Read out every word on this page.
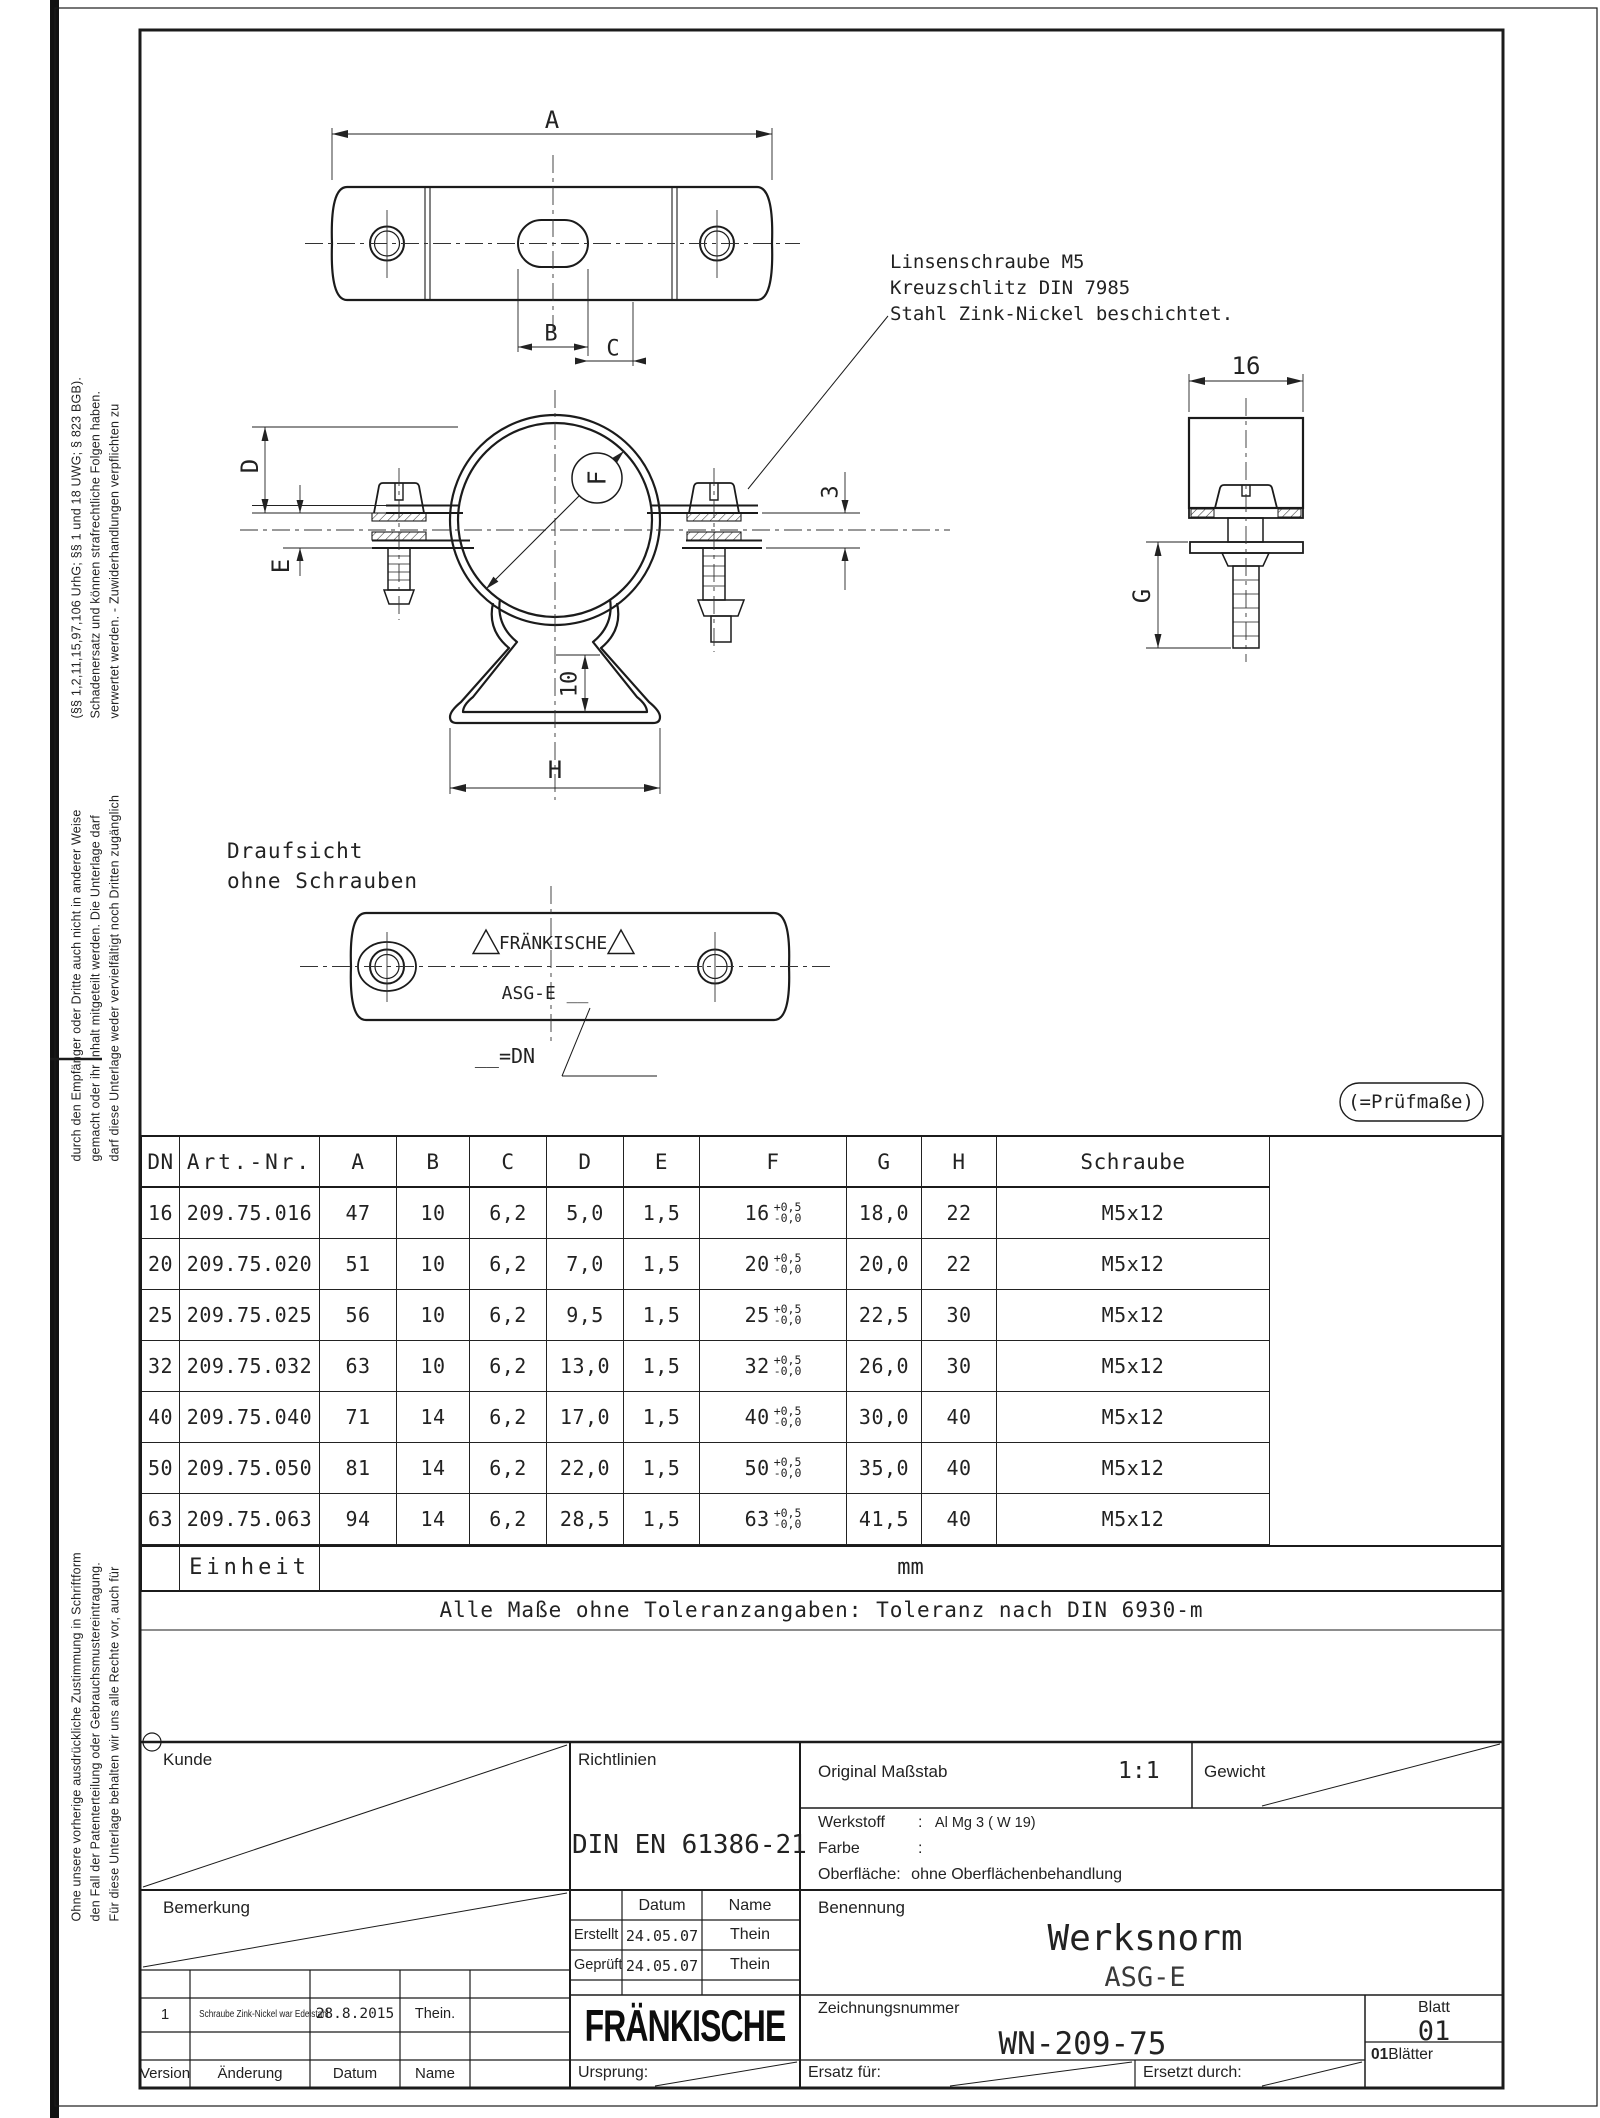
A
B
C
D
E
F
3
10
H
16
G
Linsenschraube M5
Kreuzschlitz DIN 7985
Stahl Zink-Nickel beschichtet.
Draufsicht
ohne Schrauben
FRÄNKISCHE
ASG-E __
__=DN
(=Prüfmaße)
verwertet werden. - Zuwiderhandlungen verpflichten zu
Schadenersatz und können strafrechtliche Folgen haben.
(§§ 1,2,11,15,97,106 UrhG; §§ 1 und 18 UWG; § 823 BGB).
darf diese Unterlage weder vervielfältigt noch Dritten zugänglich
gemacht oder ihr Inhalt mitgeteilt werden. Die Unterlage darf
durch den Empfänger oder Dritte auch nicht in anderer Weise
Für diese Unterlage behalten wir uns alle Rechte vor, auch für
den Fall der Patenterteilung oder Gebrauchsmustereintragung.
Ohne unsere vorherige ausdrückliche Zustimmung in Schriftform
DN Art.-Nr.	A	B	C	D	E	F	G	H	Schraube
16 209.75.016	47	10	6,2	5,0	1,5	16 +0,5
-0,0	18,0	22	M5x12
20 209.75.020	51	10	6,2	7,0	1,5	20 +0,5
-0,0	20,0	22	M5x12
25 209.75.025	56	10	6,2	9,5	1,5	25 +0,5
-0,0	22,5	30	M5x12
32 209.75.032	63	10	6,2	13,0	1,5	32 +0,5
-0,0	26,0	30	M5x12
40 209.75.040	71	14	6,2	17,0	1,5	40 +0,5
-0,0	30,0	40	M5x12
50 209.75.050	81	14	6,2	22,0	1,5	50 +0,5
-0,0	35,0	40	M5x12
63 209.75.063	94	14	6,2	28,5	1,5	63 +0,5
-0,0	41,5	40	M5x12
Einheit	mm
Alle Maße ohne Toleranzangaben: Toleranz nach DIN 6930-m
Kunde	Richtlinien
DIN EN 61386-21
Original Maßstab	1:1	Gewicht
Werkstoff : Al Mg 3 ( W 19)
Farbe	:
Oberfläche: ohne Oberflächenbehandlung
Bemerkung	Datum	Name
Erstellt 24.05.07	Thein
Geprüft 24.05.07	Thein
Benennung
Werksnorm
ASG-E
FRÄNKISCHE Zeichnungsnummer
WN-209-75
Blatt
01
01Blätter
Version	Änderung	Datum	Name	Ursprung:	Ersatz für:	Ersetzt durch:
1	Schraube Zink-Nickel war Edelstahl
28.8.2015	Thein.
